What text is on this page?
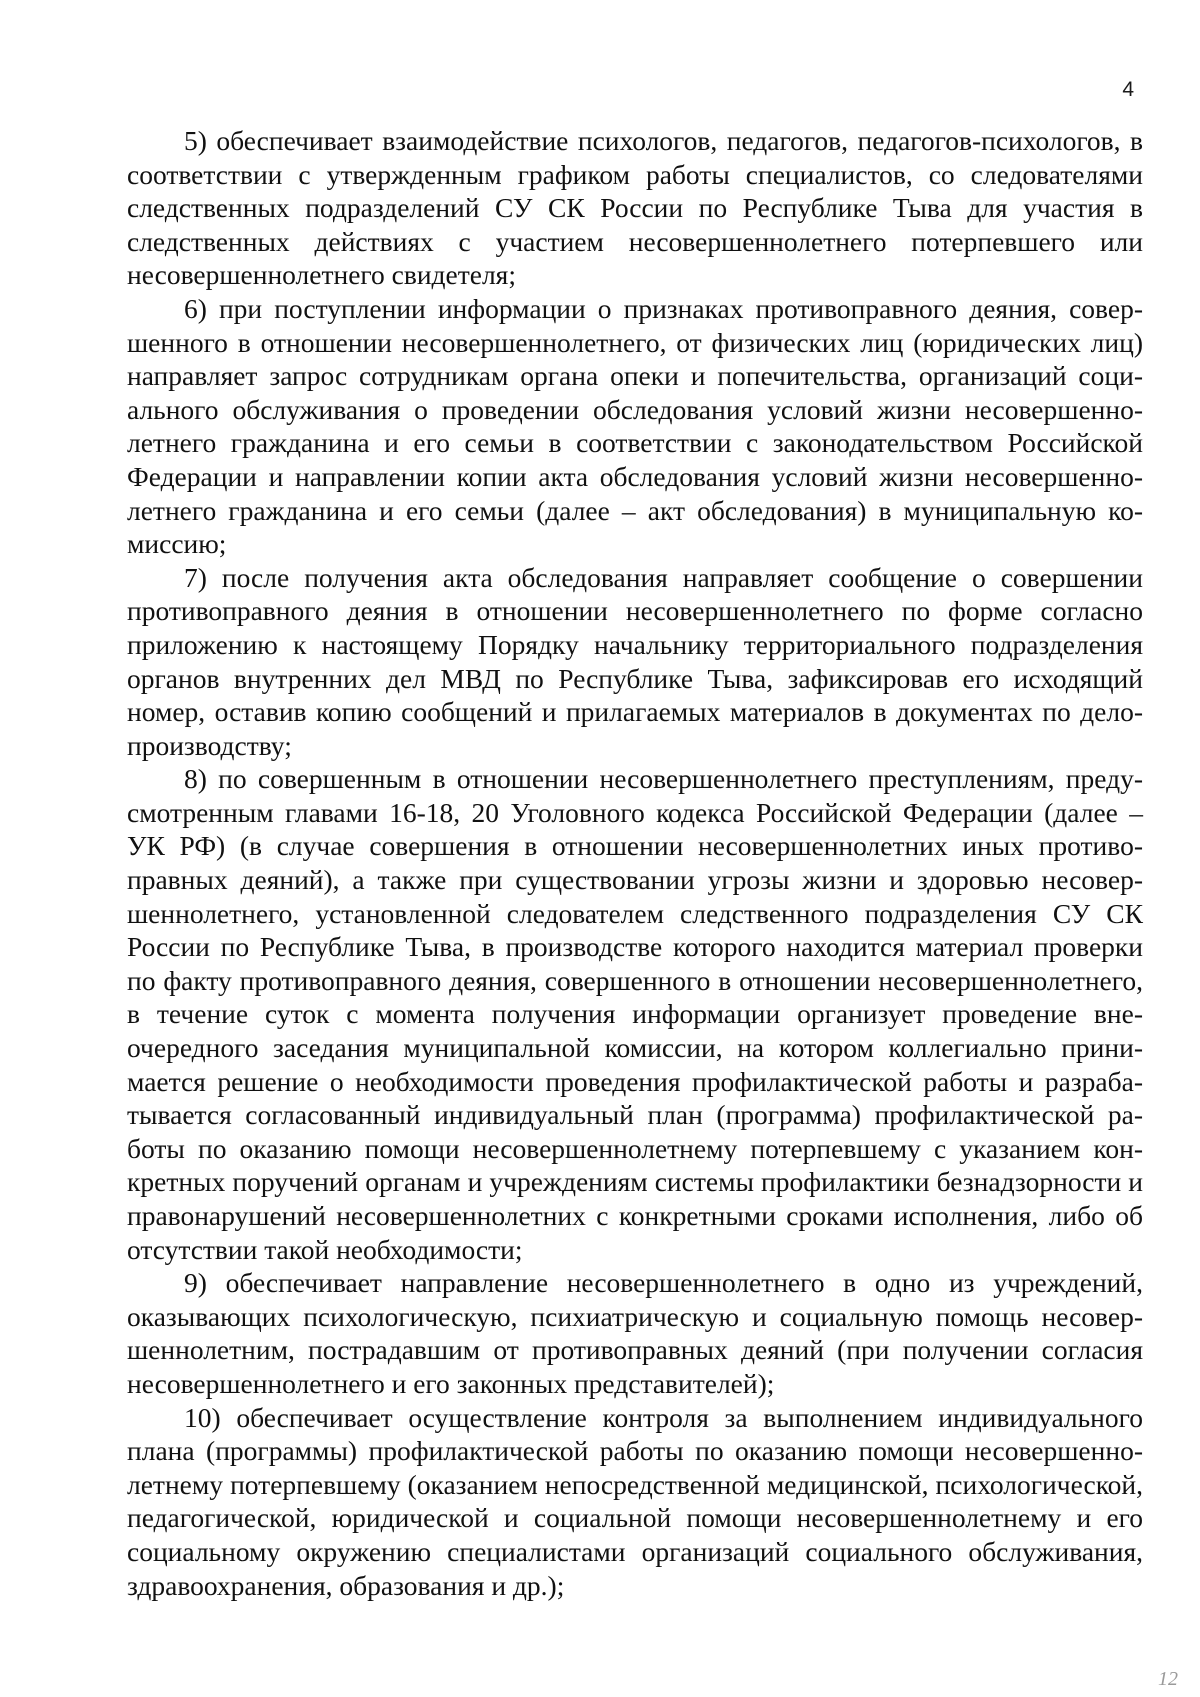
4

5) обеспечивает взаимодействие психологов, педагогов, педагогов-психологов, в соответствии с утвержденным графиком работы специалистов, со следователями следственных подразделений СУ СК России по Республике Тыва для участия в следственных действиях с участием несовершеннолетнего потерпевшего или несовершеннолетнего свидетеля;

6) при поступлении информации о признаках противоправного деяния, совершенного в отношении несовершеннолетнего, от физических лиц (юридических лиц) направляет запрос сотрудникам органа опеки и попечительства, организаций социального обслуживания о проведении обследования условий жизни несовершеннолетнего гражданина и его семьи в соответствии с законодательством Российской Федерации и направлении копии акта обследования условий жизни несовершеннолетнего гражданина и его семьи (далее – акт обследования) в муниципальную комиссию;

7) после получения акта обследования направляет сообщение о совершении противоправного деяния в отношении несовершеннолетнего по форме согласно приложению к настоящему Порядку начальнику территориального подразделения органов внутренних дел МВД по Республике Тыва, зафиксировав его исходящий номер, оставив копию сообщений и прилагаемых материалов в документах по делопроизводству;

8) по совершенным в отношении несовершеннолетнего преступлениям, предусмотренным главами 16-18, 20 Уголовного кодекса Российской Федерации (далее – УК РФ) (в случае совершения в отношении несовершеннолетних иных противоправных деяний), а также при существовании угрозы жизни и здоровью несовершеннолетнего, установленной следователем следственного подразделения СУ СК России по Республике Тыва, в производстве которого находится материал проверки по факту противоправного деяния, совершенного в отношении несовершеннолетнего, в течение суток с момента получения информации организует проведение внеочередного заседания муниципальной комиссии, на котором коллегиально принимается решение о необходимости проведения профилактической работы и разрабатывается согласованный индивидуальный план (программа) профилактической работы по оказанию помощи несовершеннолетнему потерпевшему с указанием конкретных поручений органам и учреждениям системы профилактики безнадзорности и правонарушений несовершеннолетних с конкретными сроками исполнения, либо об отсутствии такой необходимости;

9) обеспечивает направление несовершеннолетнего в одно из учреждений, оказывающих психологическую, психиатрическую и социальную помощь несовершеннолетним, пострадавшим от противоправных деяний (при получении согласия несовершеннолетнего и его законных представителей);

10) обеспечивает осуществление контроля за выполнением индивидуального плана (программы) профилактической работы по оказанию помощи несовершеннолетнему потерпевшему (оказанием непосредственной медицинской, психологической, педагогической, юридической и социальной помощи несовершеннолетнему и его социальному окружению специалистами организаций социального обслуживания, здравоохранения, образования и др.);

12
